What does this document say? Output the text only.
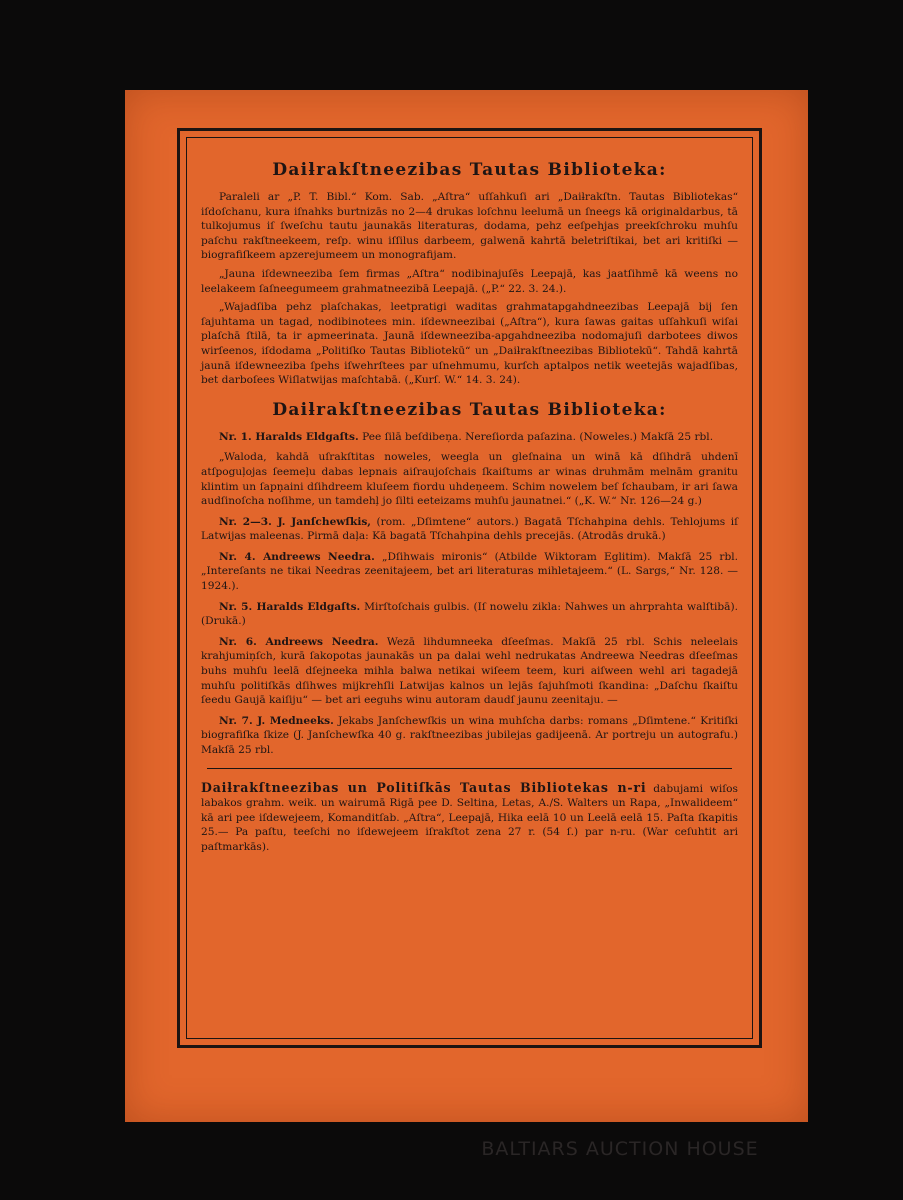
Daiƚrakſtneezibas Tautas Bibliotekа:

Paraleli ar „P. T. Bibl.“ Kom. Sab. „Aſtra“ uſſahkuſi ari „Daiƚrakſtn. Tautas Bibliotekas“ iſdoſchanu, kura iſnahks burtnizās no 2—4 drukas loſchnu leelumā un ſneegs kā originaldarbus, tā tulkojumus iſ ſweſchu tautu jaunakās literaturas, dodama, pehz eeſpehjas preekſchroku muhſu paſchu rakſtneekeem, reſp. winu iſſilus darbeem, galwenā kahrtā beletriſtikai, bet ari kritiſki — biografiſkeem apzerejumeem un monografijam.

„Jauna iſdewneeziba ſem firmas „Aſtra“ nodibinajuſēs Leepajā, kas jaatſihmē kā weens no leelakeem ſaſneegumeem grahmatneezibā Leepajā. („P.“ 22. 3. 24.).

„Wajadſiba pehz plaſchakas, leetpratigi waditas grahmatapgahdneezibas Leepajā bij ſen ſajuhtama un tagad, nodibinotees min. iſdewneezibai („Aſtra“), kura ſawas gaitas uſſahkuſi wiſai plaſchā ſtilā, ta ir apmeerinata. Jaunā iſdewneeziba-apgahdneeziba nodomajuſi darbotees diwos wirſeenos, iſdodama „Politiſko Tautas Bibliotekū“ un „Daiƚrakſtneezibas Bibliotekū“. Tahdā kahrtā jaunā iſdewneeziba ſpehs iſwehrſtees par uſnehmumu, kurſch aptalpos netik weetejās wajadſibas, bet darboſees Wiſlatwijas maſchtabā. („Kurſ. W.“ 14. 3. 24).

Daiƚrakſtneezibas Tautas Bibliotekа:

Nr. 1. Haralds Eldgaſts. Pee ſilā beſdibeņa. Nereſiorda paſazina. (Noweles.) Makſā 25 rbl.

„Waloda, kahdā uſrakſtitas noweles, weegla un gleſnaina un winā kā dſihdrā uhdenī atſpoguļojas ſeemeļu dabas lepnais aiſraujoſchais ſkaiſtums ar winas druhmām melnām granitu klintim un ſapņaini dſihdreem kluſeem fiordu uhdeņeem. Schim nowelem beſ ſchaubam, ir ari ſawa audſinoſcha noſihme, un tamdehļ jo ſilti eeteizams muhſu jaunatnei.“ („K. W.“ Nr. 126—24 g.)

Nr. 2—3. J. Janſchewſkis, (rom. „Dſimtene“ autors.) Bagatā Tſchahpina dehls. Tehlojums iſ Latwijas maleenas. Pirmā daļa: Kā bagatā Tſchahpina dehls precejās. (Atrodās drukā.)

Nr. 4. Andreews Needra. „Dſihwais mironis“ (Atbilde Wiktoram Eglitim). Makſā 25 rbl. „Intereſants ne tikai Needras zeenitajeem, bet ari literaturas mihletajeem.“ (L. Sargs,“ Nr. 128. — 1924.).

Nr. 5. Haralds Eldgaſts. Mirſtoſchais gulbis. (Iſ nowelu zikla: Nahwes un ahrprahta walſtibā). (Drukā.)

Nr. 6. Andreews Needra. Wezā lihdumneeka dſeeſmas. Makſā 25 rbl. Schis neleelais krahjumiņſch, kurā ſakopotas jaunakās un pa dalai wehl nedrukatas Andreewa Needras dſeeſmas buhs muhſu leelā dſejneeka mihla balwa netikai wiſeem teem, kuri aiſween wehl ari tagadejā muhſu politiſkās dſihwes mijkrehſli Latwijas kalnos un lejās ſajuhſmoti ſkandina: „Daſchu ſkaiſtu ſeedu Gaujā kaiſiju“ — bet ari eeguhs winu autoram daudſ jaunu zeenitaju. —

Nr. 7. J. Medneeks. Jekabs Janſchewſkis un wina muhſcha darbs: romans „Dſimtene.“ Kritiſki biografiſka ſkize (J. Janſchewſka 40 g. rakſtneezibas jubilejas gadijeenā. Ar portreju un autografu.) Makſā 25 rbl.

Daiƚrakſtneezibas un Politiſkās Tautas Bibliotekas n-ri dabujami wiſos labakos grahm. weik. un wairumā Rigā pee D. Seltina, Letas, A./S. Walters un Rapa, „Inwalideem“ kā ari pee iſdewejeem, Komanditſab. „Aſtra“, Leepajā, Hika eelā 10 un Leelā eelā 15. Paſta ſkapitis 25.— Pa paſtu, teeſchi no iſdewejeem iſrakſtot zena 27 r. (54 ſ.) par n-ru. (War ceſuhtit ari paſtmarkās).

BALTIARS AUCTION HOUSE
